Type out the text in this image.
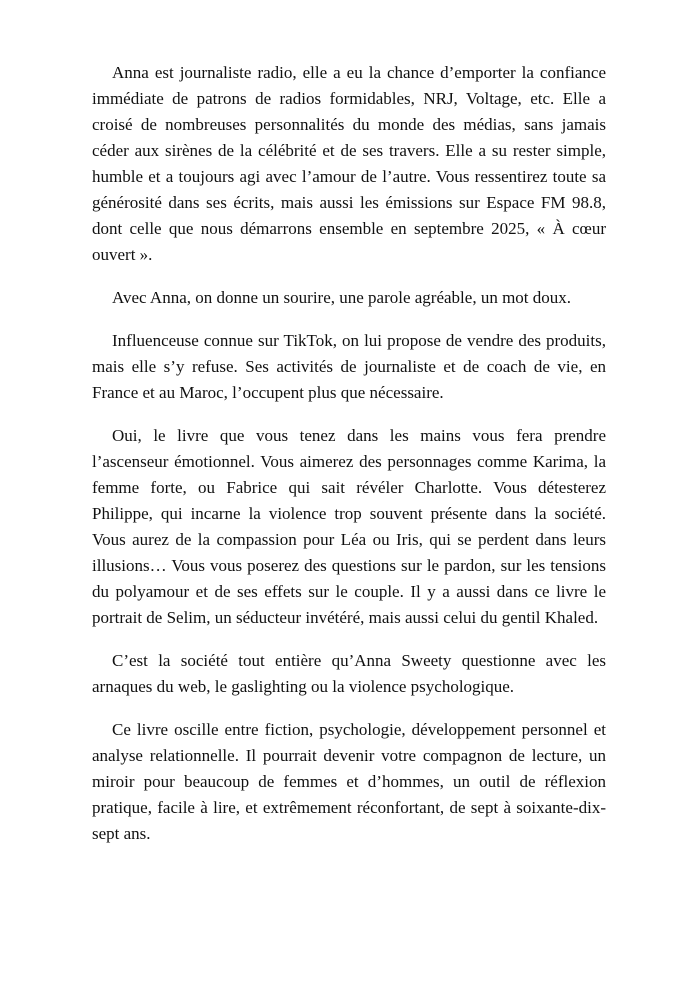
Anna est journaliste radio, elle a eu la chance d’emporter la confiance immédiate de patrons de radios formidables, NRJ, Voltage, etc. Elle a croisé de nombreuses personnalités du monde des médias, sans jamais céder aux sirènes de la célébrité et de ses travers. Elle a su rester simple, humble et a toujours agi avec l’amour de l’autre. Vous ressentirez toute sa générosité dans ses écrits, mais aussi les émissions sur Espace FM 98.8, dont celle que nous démarrons ensemble en septembre 2025, « À cœur ouvert ».

Avec Anna, on donne un sourire, une parole agréable, un mot doux.

Influenceuse connue sur TikTok, on lui propose de vendre des produits, mais elle s’y refuse. Ses activités de journaliste et de coach de vie, en France et au Maroc, l’occupent plus que nécessaire.

Oui, le livre que vous tenez dans les mains vous fera prendre l’ascenseur émotionnel. Vous aimerez des personnages comme Karima, la femme forte, ou Fabrice qui sait révéler Charlotte. Vous détesterez Philippe, qui incarne la violence trop souvent présente dans la société. Vous aurez de la compassion pour Léa ou Iris, qui se perdent dans leurs illusions… Vous vous poserez des questions sur le pardon, sur les tensions du polyamour et de ses effets sur le couple. Il y a aussi dans ce livre le portrait de Selim, un séducteur invétéré, mais aussi celui du gentil Khaled.

C’est la société tout entière qu’Anna Sweety questionne avec les arnaques du web, le gaslighting ou la violence psychologique.

Ce livre oscille entre fiction, psychologie, développement personnel et analyse relationnelle. Il pourrait devenir votre compagnon de lecture, un miroir pour beaucoup de femmes et d’hommes, un outil de réflexion pratique, facile à lire, et extrêmement réconfortant, de sept à soixante-dix-sept ans.
